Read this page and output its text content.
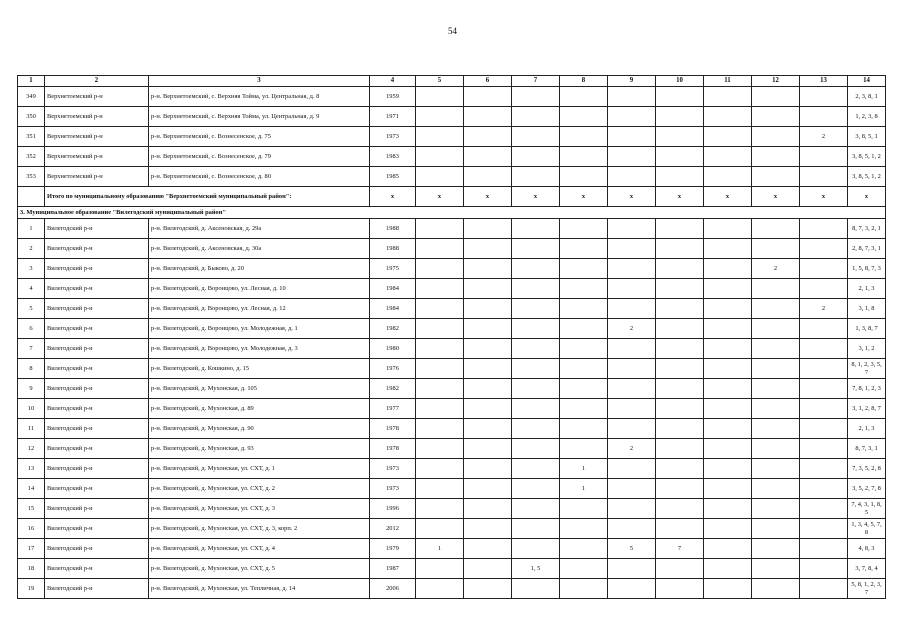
54
1	2	3	4	5	6	7	8	9	10	11	12	13	14
349	Верхнетоемский р-н	р-н. Верхнетоемский, с. Верхняя Тойма, ул. Центральная, д. 8	1959										2, 3, 8, 1
350	Верхнетоемский р-н	р-н. Верхнетоемский, с. Верхняя Тойма, ул. Центральная, д. 9	1971										1, 2, 3, 8
351	Верхнетоемский р-н	р-н. Верхнетоемский, с. Вознесенское, д. 75	1973									2	3, 8, 5, 1
352	Верхнетоемский р-н	р-н. Верхнетоемский, с. Вознесенское, д. 79	1983										3, 8, 5, 1, 2
353	Верхнетоемский р-н	р-н. Верхнетоемский, с. Вознесенское, д. 80	1985										3, 8, 5, 1, 2
	Итого по муниципальному образованию "Верхнетоемский муниципальный район":		x	x	x	x	x	x	x	x	x	x	x
3. Муниципальное образование "Вилегодский муниципальный район"													
1	Вилегодский р-н	р-н. Вилегодский, д. Аксеновская, д. 29а	1988										8, 7, 3, 2, 1
2	Вилегодский р-н	р-н. Вилегодский, д. Аксеновская, д. 30а	1988										2, 8, 7, 3, 1
3	Вилегодский р-н	р-н. Вилегодский, д. Быково, д. 20	1975								2		1, 5, 8, 7, 3
4	Вилегодский р-н	р-н. Вилегодский, д. Воронцово, ул. Лесная, д. 10	1984										2, 1, 3
5	Вилегодский р-н	р-н. Вилегодский, д. Воронцово, ул. Лесная, д. 12	1984									2	3, 1, 8
6	Вилегодский р-н	р-н. Вилегодский, д. Воронцово, ул. Молодежная, д. 1	1982					2					1, 3, 8, 7
7	Вилегодский р-н	р-н. Вилегодский, д. Воронцово, ул. Молодежная, д. 3	1980										3, 1, 2
8	Вилегодский р-н	р-н. Вилегодский, д. Кошкино, д. 15	1976										8, 1, 2, 3, 5, 7
9	Вилегодский р-н	р-н. Вилегодский, д. Мухонская, д. 105	1982										7, 8, 1, 2, 3
10	Вилегодский р-н	р-н. Вилегодский, д. Мухонская, д. 89	1977										3, 1, 2, 8, 7
11	Вилегодский р-н	р-н. Вилегодский, д. Мухонская, д. 90	1978										2, 1, 3
12	Вилегодский р-н	р-н. Вилегодский, д. Мухонская, д. 93	1978					2					8, 7, 3, 1
13	Вилегодский р-н	р-н. Вилегодский, д. Мухонская, ул. СХТ, д. 1	1973				1						7, 3, 5, 2, 8
14	Вилегодский р-н	р-н. Вилегодский, д. Мухонская, ул. СХТ, д. 2	1973				1						3, 5, 2, 7, 8
15	Вилегодский р-н	р-н. Вилегодский, д. Мухонская, ул. СХТ, д. 3	1996										7, 4, 3, 1, 8, 5
16	Вилегодский р-н	р-н. Вилегодский, д. Мухонская, ул. СХТ, д. 3, корп. 2	2012										1, 3, 4, 5, 7, 8
17	Вилегодский р-н	р-н. Вилегодский, д. Мухонская, ул. СХТ, д. 4	1979	1				5	7				4, 8, 3
18	Вилегодский р-н	р-н. Вилегодский, д. Мухонская, ул. СХТ, д. 5	1987			1, 5							3, 7, 8, 4
19	Вилегодский р-н	р-н. Вилегодский, д. Мухонская, ул. Тепличная, д. 14	2006										5, 8, 1, 2, 3, 7
